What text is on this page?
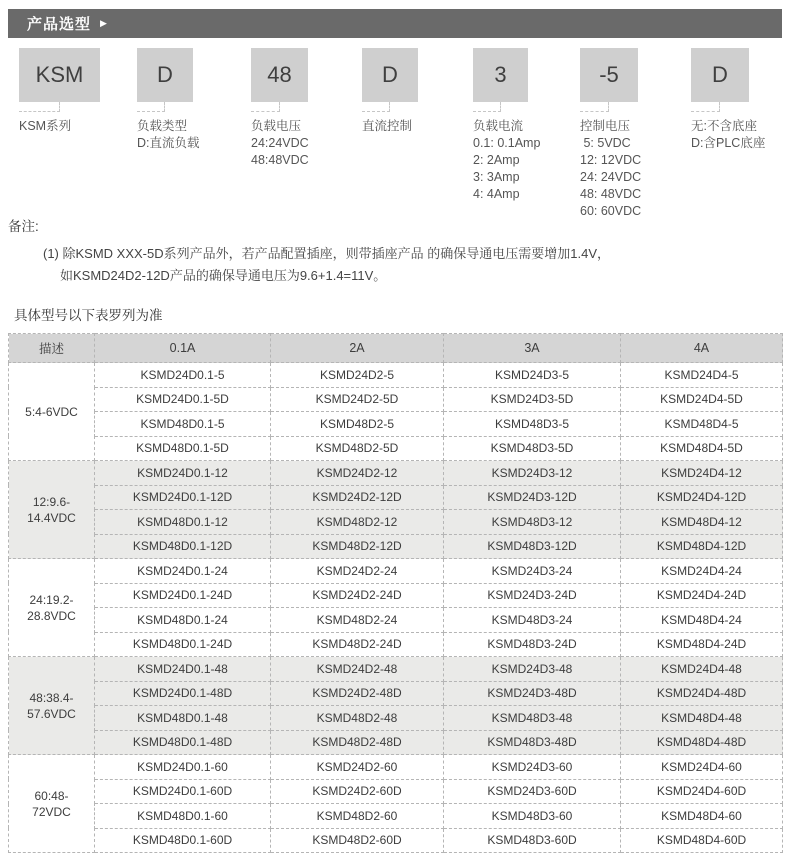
产品选型 ▶
KSM
KSM系列
D
负载类型
D:直流负载
48
负载电压
24:24VDC
48:48VDC
D
直流控制
3
负载电流
0.1: 0.1Amp
2: 2Amp
3: 3Amp
4: 4Amp
-5
控制电压
5: 5VDC
12: 12VDC
24: 24VDC
48: 48VDC
60: 60VDC
D
无:不含底座
D:含PLC底座
备注:
(1) 除KSMD XXX-5D系列产品外，若产品配置插座，则带插座产品 的确保导通电压需要增加1.4V，
如KSMD24D2-12D产品的确保导通电压为9.6+1.4=11V。
具体型号以下表罗列为准
描述	0.1A	2A	3A	4A

5:4-6VDC	KSMD24D0.1-5	KSMD24D2-5	KSMD24D3-5	KSMD24D4-5
	KSMD24D0.1-5D	KSMD24D2-5D	KSMD24D3-5D	KSMD24D4-5D
	KSMD48D0.1-5	KSMD48D2-5	KSMD48D3-5	KSMD48D4-5
	KSMD48D0.1-5D	KSMD48D2-5D	KSMD48D3-5D	KSMD48D4-5D

12:9.6-
14.4VDC	KSMD24D0.1-12	KSMD24D2-12	KSMD24D3-12	KSMD24D4-12
	KSMD24D0.1-12D	KSMD24D2-12D	KSMD24D3-12D	KSMD24D4-12D
	KSMD48D0.1-12	KSMD48D2-12	KSMD48D3-12	KSMD48D4-12
	KSMD48D0.1-12D	KSMD48D2-12D	KSMD48D3-12D	KSMD48D4-12D

24:19.2-
28.8VDC	KSMD24D0.1-24	KSMD24D2-24	KSMD24D3-24	KSMD24D4-24
	KSMD24D0.1-24D	KSMD24D2-24D	KSMD24D3-24D	KSMD24D4-24D
	KSMD48D0.1-24	KSMD48D2-24	KSMD48D3-24	KSMD48D4-24
	KSMD48D0.1-24D	KSMD48D2-24D	KSMD48D3-24D	KSMD48D4-24D

48:38.4-
57.6VDC	KSMD24D0.1-48	KSMD24D2-48	KSMD24D3-48	KSMD24D4-48
	KSMD24D0.1-48D	KSMD24D2-48D	KSMD24D3-48D	KSMD24D4-48D
	KSMD48D0.1-48	KSMD48D2-48	KSMD48D3-48	KSMD48D4-48
	KSMD48D0.1-48D	KSMD48D2-48D	KSMD48D3-48D	KSMD48D4-48D

60:48-
72VDC	KSMD24D0.1-60	KSMD24D2-60	KSMD24D3-60	KSMD24D4-60
	KSMD24D0.1-60D	KSMD24D2-60D	KSMD24D3-60D	KSMD24D4-60D
	KSMD48D0.1-60	KSMD48D2-60	KSMD48D3-60	KSMD48D4-60
	KSMD48D0.1-60D	KSMD48D2-60D	KSMD48D3-60D	KSMD48D4-60D
